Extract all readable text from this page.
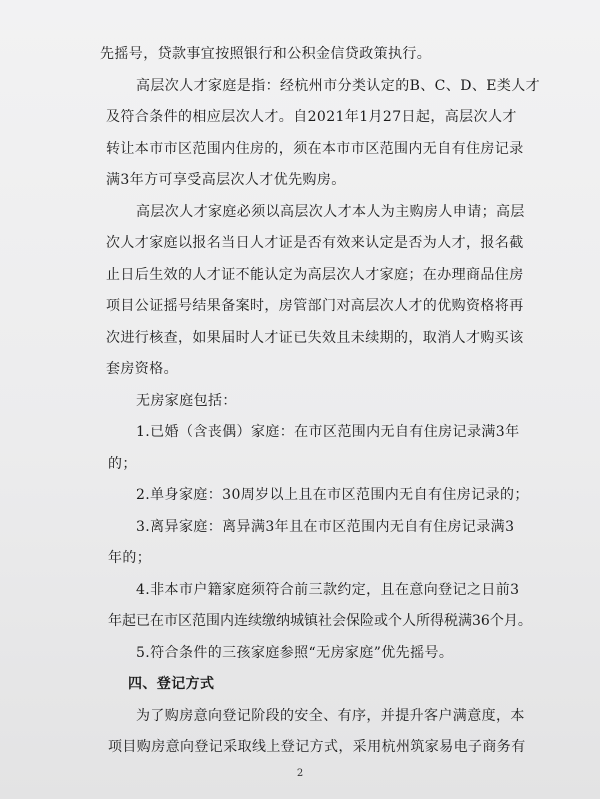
先摇号，贷款事宜按照银行和公积金信贷政策执行。
高层次人才家庭是指：经杭州市分类认定的B、C、D、E类人才
及符合条件的相应层次人才。自2021年1月27日起，高层次人才
转让本市市区范围内住房的，须在本市市区范围内无自有住房记录
满3年方可享受高层次人才优先购房。
高层次人才家庭必须以高层次人才本人为主购房人申请；高层
次人才家庭以报名当日人才证是否有效来认定是否为人才，报名截
止日后生效的人才证不能认定为高层次人才家庭；在办理商品住房
项目公证摇号结果备案时，房管部门对高层次人才的优购资格将再
次进行核查，如果届时人才证已失效且未续期的，取消人才购买该
套房资格。
无房家庭包括：
1.已婚（含丧偶）家庭：在市区范围内无自有住房记录满3年
的；
2.单身家庭：30周岁以上且在市区范围内无自有住房记录的；
3.离异家庭：离异满3年且在市区范围内无自有住房记录满3
年的；
4.非本市户籍家庭须符合前三款约定，且在意向登记之日前3
年起已在市区范围内连续缴纳城镇社会保险或个人所得税满36个月。
5.符合条件的三孩家庭参照“无房家庭”优先摇号。
四、登记方式
为了购房意向登记阶段的安全、有序，并提升客户满意度，本
项目购房意向登记采取线上登记方式，采用杭州筑家易电子商务有
2
